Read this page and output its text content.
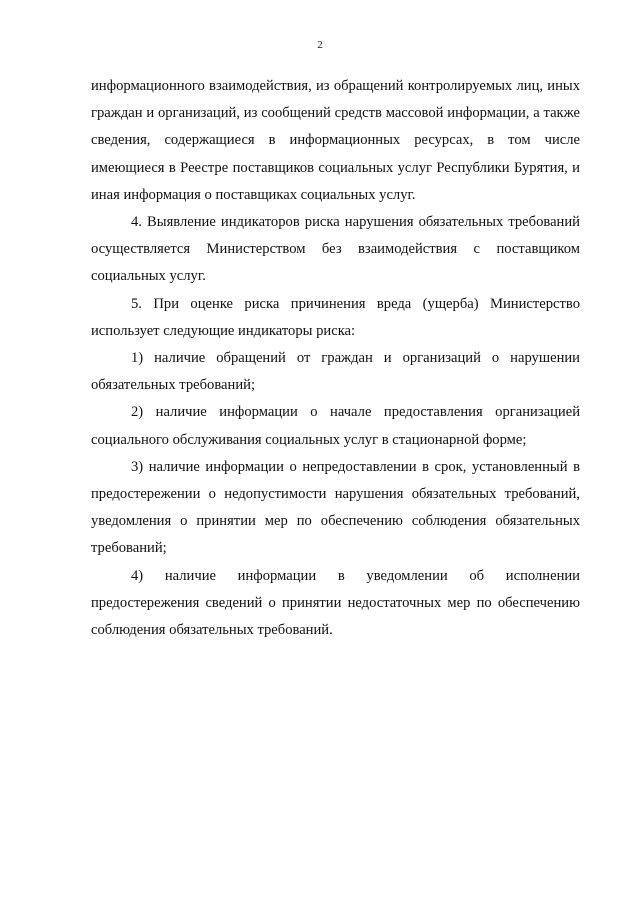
2

информационного взаимодействия, из обращений контролируемых лиц, иных граждан и организаций, из сообщений средств массовой информации, а также сведения, содержащиеся в информационных ресурсах, в том числе имеющиеся в Реестре поставщиков социальных услуг Республики Бурятия, и иная информация о поставщиках социальных услуг.

4. Выявление индикаторов риска нарушения обязательных требований осуществляется Министерством без взаимодействия с поставщиком социальных услуг.

5. При оценке риска причинения вреда (ущерба) Министерство использует следующие индикаторы риска:

1) наличие обращений от граждан и организаций о нарушении обязательных требований;

2) наличие информации о начале предоставления организацией социального обслуживания социальных услуг в стационарной форме;

3) наличие информации о непредоставлении в срок, установленный в предостережении о недопустимости нарушения обязательных требований, уведомления о принятии мер по обеспечению соблюдения обязательных требований;

4) наличие информации в уведомлении об исполнении предостережения сведений о принятии недостаточных мер по обеспечению соблюдения обязательных требований.
